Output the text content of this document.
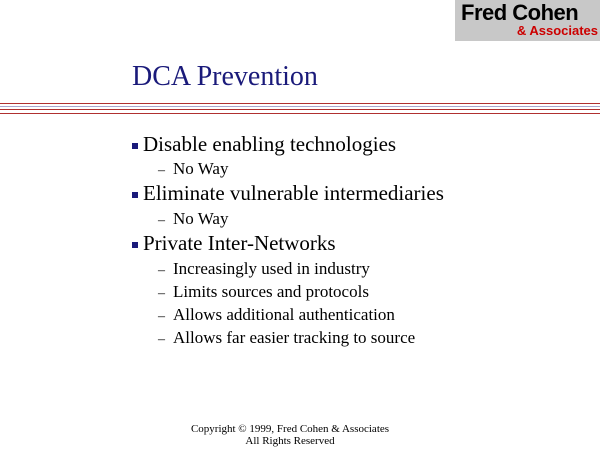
Fred Cohen
& Associates
DCA Prevention
Disable enabling technologies
– No Way
Eliminate vulnerable intermediaries
– No Way
Private Inter-Networks
– Increasingly used in industry
– Limits sources and protocols
– Allows additional authentication
– Allows far easier tracking to source
Copyright © 1999, Fred Cohen & Associates
All Rights Reserved
